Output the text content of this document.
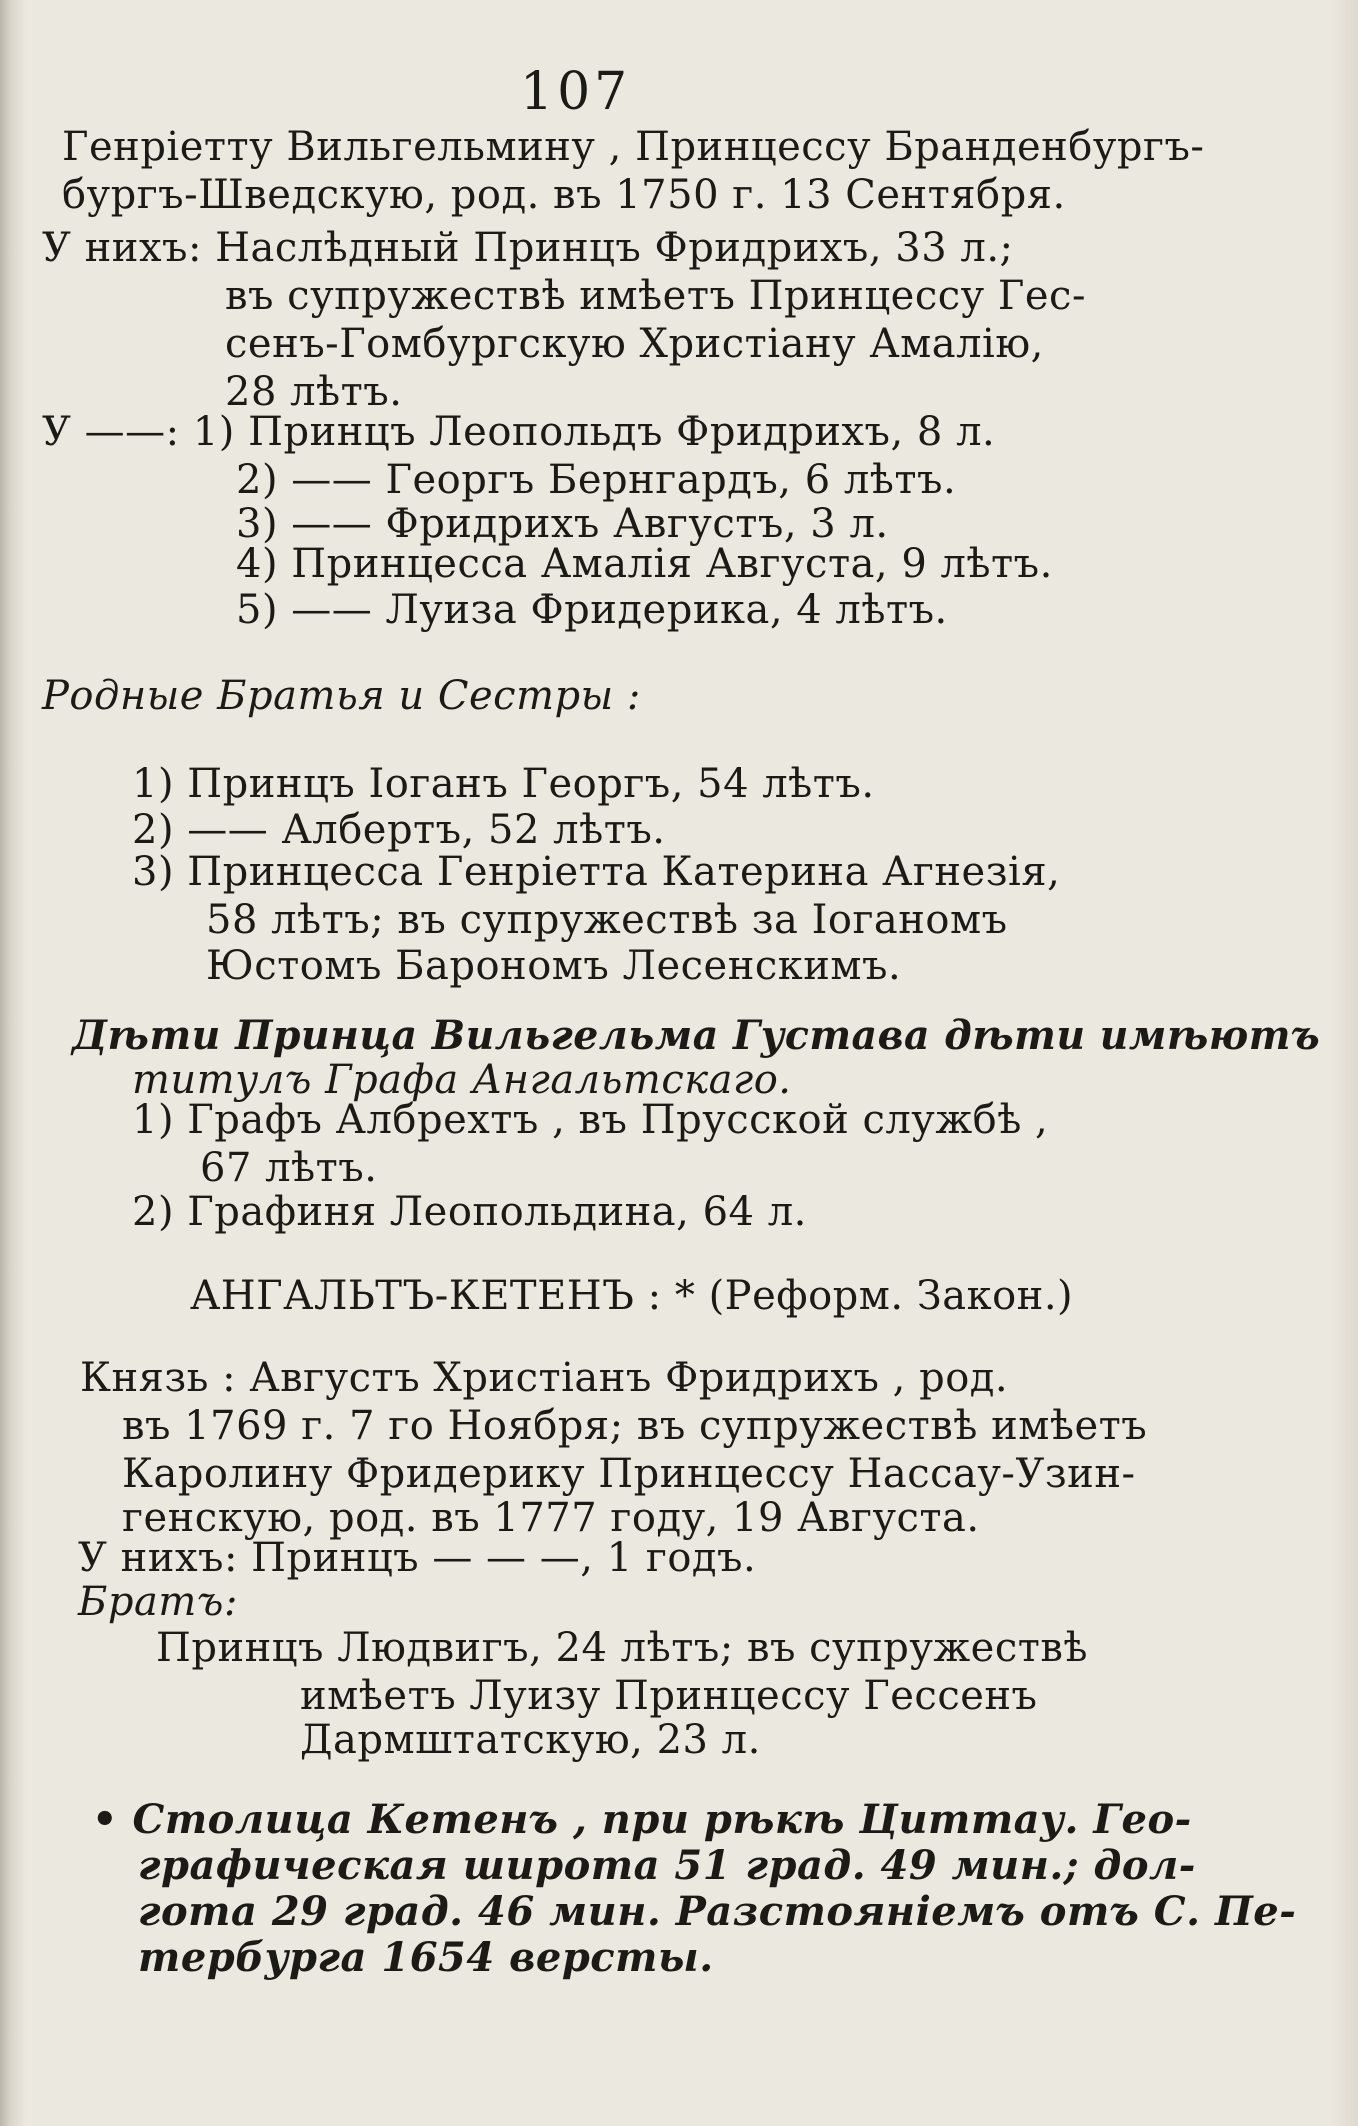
107
Генріетту Вильгельмину , Принцессу Бранденбургъ-
бургъ-Шведскую, род. въ 1750 г. 13 Сентября.
У нихъ: Наслѣдный Принцъ Фридрихъ, 33 л.;
въ супружествѣ имѣетъ Принцессу Гес-
сенъ-Гомбургскую Христіану Амалію,
28 лѣтъ.
У ——: 1) Принцъ Леопольдъ Фридрихъ, 8 л.
2) —— Георгъ Бернгардъ, 6 лѣтъ.
3) —— Фридрихъ Августъ, 3 л.
4) Принцесса Амалія Августа, 9 лѣтъ.
5) —— Луиза Фридерика, 4 лѣтъ.
Родные Братья и Сестры :
1) Принцъ Іоганъ Георгъ, 54 лѣтъ.
2) —— Албертъ, 52 лѣтъ.
3) Принцесса Генріетта Катерина Агнезія,
58 лѣтъ; въ супружествѣ за Іоганомъ
Юстомъ Барономъ Лесенскимъ.
Дѣти Принца Вильгельма Густава дѣти имѣютъ
титулъ Графа Ангальтскаго.
1) Графъ Албрехтъ , въ Прусской службѣ ,
67 лѣтъ.
2) Графиня Леопольдина, 64 л.
АНГАЛЬТЪ-КЕТЕНЪ : * (Реформ. Закон.)
Князь : Августъ Христіанъ Фридрихъ , род.
въ 1769 г. 7 го Ноября; въ супружествѣ имѣетъ
Каролину Фридерику Принцессу Нассау-Узин-
генскую, род. въ 1777 году, 19 Августа.
У нихъ: Принцъ — — —, 1 годъ.
Братъ:
Принцъ Людвигъ, 24 лѣтъ; въ супружествѣ
имѣетъ Луизу Принцессу Гессенъ
Дармштатскую, 23 л.
• Столица Кетенъ , при рѣкѣ Циттау. Гео-
графическая широта 51 град. 49 мин.; дол-
гота 29 град. 46 мин. Разстояніемъ отъ С. Пе-
тербурга 1654 версты.
